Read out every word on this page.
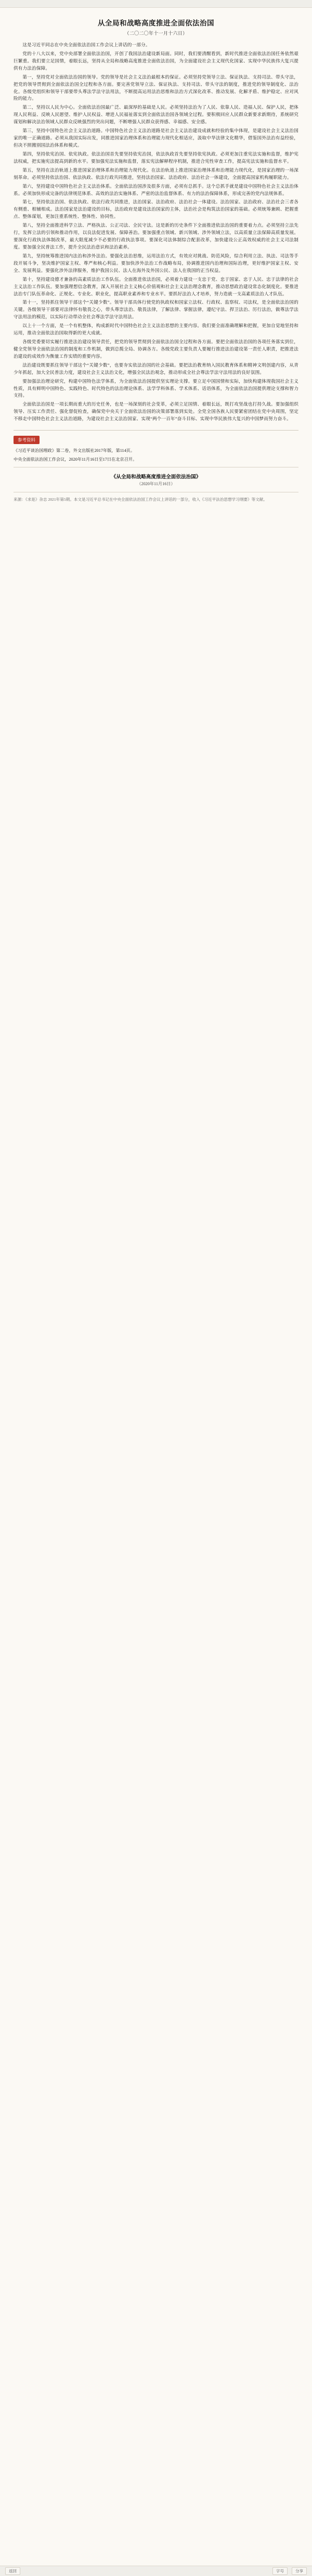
从全局和战略高度推进全面依法治国
（二〇二〇年十一月十六日）

这是习近平同志在中央全面依法治国工作会议上讲话的一部分。

党的十八大以来，党中央部署全面依法治国，开创了我国法治建设新局面。同时，我们要清醒看到，新时代推进全面依法治国任务依然艰巨繁重。我们要立足国情，着眼长远，坚持从全局和战略高度推进全面依法治国，为全面建设社会主义现代化国家、实现中华民族伟大复兴提供有力法治保障。

第一，坚持党对全面依法治国的领导。党的领导是社会主义法治最根本的保证。必须坚持党领导立法、保证执法、支持司法、带头守法，把党的领导贯彻到全面依法治国全过程和各方面。要完善党领导立法、保证执法、支持司法、带头守法的制度，推进党的领导制度化、法治化。各级党组织和领导干部要带头尊法学法守法用法，不断提高运用法治思维和法治方式深化改革、推动发展、化解矛盾、维护稳定、应对风险的能力。

第二，坚持以人民为中心。全面依法治国最广泛、最深厚的基础是人民。必须坚持法治为了人民、依靠人民、造福人民、保护人民，把体现人民利益、反映人民愿望、维护人民权益、增进人民福祉落实到全面依法治国各领域全过程。要积极回应人民群众新要求新期待，系统研究谋划和解决法治领域人民群众反映强烈的突出问题，不断增强人民群众获得感、幸福感、安全感。

第三，坚持中国特色社会主义法治道路。中国特色社会主义法治道路是社会主义法治建设成就和经验的集中体现，是建设社会主义法治国家的唯一正确道路。必须从我国实际出发，同推进国家治理体系和治理能力现代化相适应，汲取中华法律文化精华，借鉴国外法治有益经验，但决不照搬别国法治体系和模式。

第四，坚持依宪治国、依宪执政。依法治国首先要坚持依宪治国，依法执政首先要坚持依宪执政。必须更加注重宪法实施和监督，维护宪法权威，把实施宪法提高到新的水平。要加强宪法实施和监督，落实宪法解释程序机制，推进合宪性审查工作，提高宪法实施和监督水平。

第五，坚持在法治轨道上推进国家治理体系和治理能力现代化。在法治轨道上推进国家治理体系和治理能力现代化，是国家治理的一场深刻革命。必须坚持依法治国、依法执政、依法行政共同推进，坚持法治国家、法治政府、法治社会一体建设，全面提高国家机构履职能力。

第六，坚持建设中国特色社会主义法治体系。全面依法治国涉及很多方面，必须有总抓手。这个总抓手就是建设中国特色社会主义法治体系。必须加快形成完备的法律规范体系、高效的法治实施体系、严密的法治监督体系、有力的法治保障体系，形成完善的党内法规体系。

第七，坚持依法治国、依法执政、依法行政共同推进，法治国家、法治政府、法治社会一体建设。法治国家、法治政府、法治社会三者各有侧重、相辅相成。法治国家是法治建设的目标，法治政府是建设法治国家的主体，法治社会是构筑法治国家的基础。必须统筹兼顾、把握重点、整体谋划，更加注重系统性、整体性、协同性。

第八，坚持全面推进科学立法、严格执法、公正司法、全民守法。这是新的历史条件下全面推进依法治国的重要着力点。必须坚持立法先行，发挥立法的引领和推动作用，以良法促进发展、保障善治。要加强重点领域、新兴领域、涉外领域立法，以高质量立法保障高质量发展。要深化行政执法体制改革，最大限度减少不必要的行政执法事项。要深化司法体制综合配套改革，加快建设公正高效权威的社会主义司法制度。要加强全民普法工作，提升全民法治意识和法治素养。

第九，坚持统筹推进国内法治和涉外法治。要强化法治思维，运用法治方式，有效应对挑战、防范风险，综合利用立法、执法、司法等手段开展斗争，坚决维护国家主权、尊严和核心利益。要加快涉外法治工作战略布局，协调推进国内治理和国际治理，更好维护国家主权、安全、发展利益。要强化涉外法律服务，维护我国公民、法人在海外及外国公民、法人在我国的正当权益。

第十，坚持建设德才兼备的高素质法治工作队伍。全面推进依法治国，必须着力建设一支忠于党、忠于国家、忠于人民、忠于法律的社会主义法治工作队伍。要加强理想信念教育，深入开展社会主义核心价值观和社会主义法治理念教育，推动思想政治建设常态化制度化。要推进法治专门队伍革命化、正规化、专业化、职业化，提高职业素养和专业水平。要抓好法治人才培养，努力造就一支高素质法治人才队伍。

第十一，坚持抓住领导干部这个“关键少数”。领导干部具体行使党的执政权和国家立法权、行政权、监察权、司法权，是全面依法治国的关键。各级领导干部要对法律怀有敬畏之心，带头尊崇法治、敬畏法律，了解法律、掌握法律，遵纪守法、捍卫法治、厉行法治，做尊法学法守法用法的模范，以实际行动带动全社会尊法学法守法用法。

以上十一个方面，是一个有机整体，构成新时代中国特色社会主义法治思想的主要内容。我们要全面准确理解和把握，更加自觉地坚持和运用，推动全面依法治国取得新的更大成就。

各级党委要切实履行推进法治建设领导责任，把党的领导贯彻到全面依法治国全过程和各方面。要把全面依法治国的各项任务落实到位，健全党领导全面依法治国的制度和工作机制，做到总揽全局、协调各方。各级党政主要负责人要履行推进法治建设第一责任人职责，把推进法治建设的成效作为衡量工作实绩的重要内容。

法治建设既要抓住领导干部这个“关键少数”，也要夯实依法治国的社会基础。要把法治教育纳入国民教育体系和精神文明创建内容，从青少年抓起，加大全民普法力度，建设社会主义法治文化，增强全民法治观念，推动形成全社会尊法学法守法用法的良好氛围。

要加强法治理论研究，构建中国特色法学体系，为全面依法治国提供坚实理论支撑。要立足中国国情和实际，加快构建体现我国社会主义性质，具有鲜明中国特色、实践特色、时代特色的法治理论体系、法学学科体系、学术体系、话语体系，为全面依法治国提供理论支撑和智力支持。

全面依法治国是一项长期而重大的历史任务，也是一场深刻的社会变革，必须立足国情、着眼长远，既打攻坚战也打持久战。要加强组织领导、压实工作责任、强化督促检查，确保党中央关于全面依法治国的决策部署落到实处。全党全国各族人民要紧密团结在党中央周围，坚定不移走中国特色社会主义法治道路，为建设社会主义法治国家、实现“两个一百年”奋斗目标、实现中华民族伟大复兴的中国梦而努力奋斗。

参考资料

《习近平谈治国理政》第二卷，外文出版社2017年版，第114页。

中央全面依法治国工作会议，2020年11月16日至17日在北京召开。

《从全局和战略高度推进全面依法治国》
（2020年11月16日）
来源：《求是》杂志 2021年第5期。本文是习近平总书记在中央全面依法治国工作会议上讲话的一部分，收入《习近平法治思想学习纲要》等文献。
返回	字号	分享
